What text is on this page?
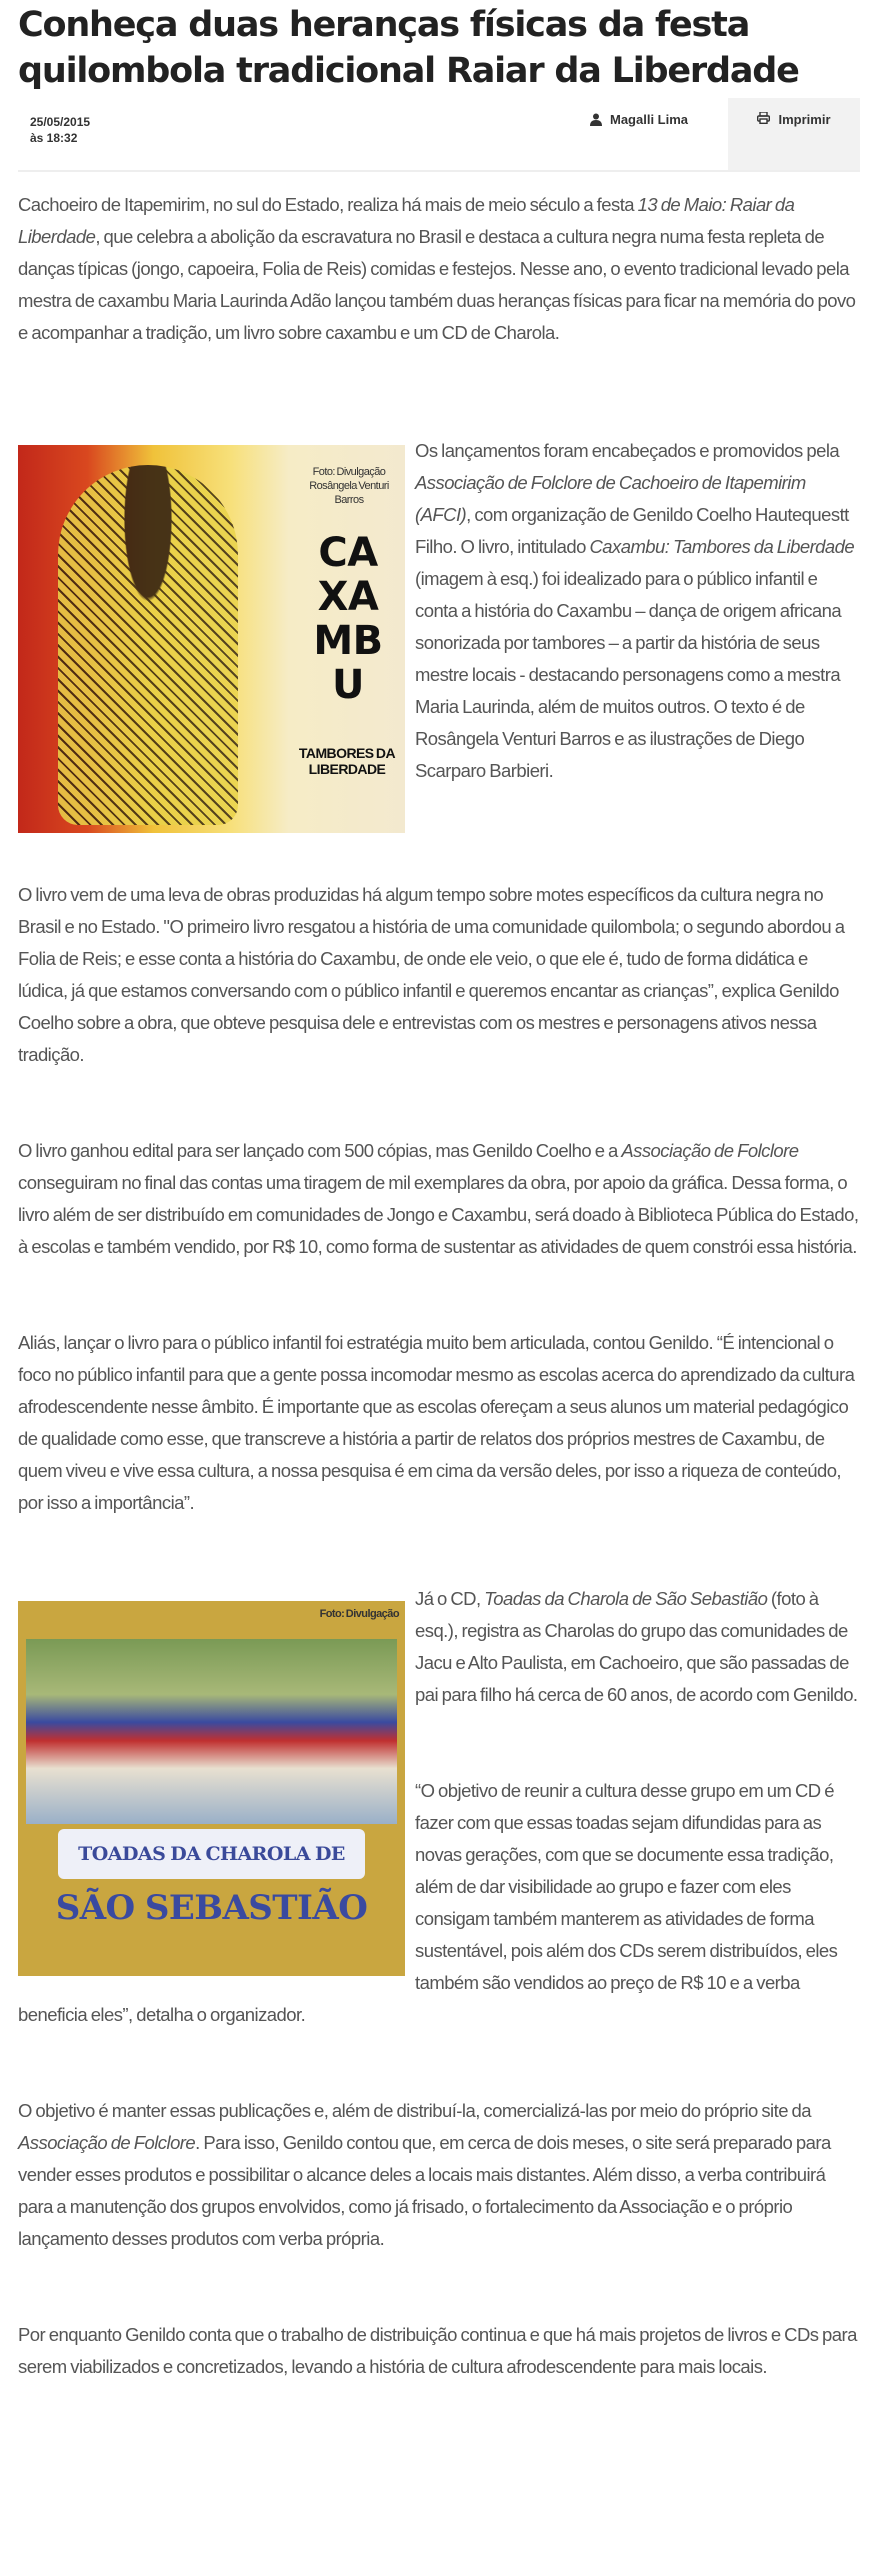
Conheça duas heranças físicas da festa quilombola tradicional Raiar da Liberdade
25/05/2015
às 18:32
Magalli Lima	Imprimir

Cachoeiro de Itapemirim, no sul do Estado, realiza há mais de meio século a festa 13 de Maio: Raiar da Liberdade, que celebra a abolição da escravatura no Brasil e destaca a cultura negra numa festa repleta de danças típicas (jongo, capoeira, Folia de Reis) comidas e festejos. Nesse ano, o evento tradicional levado pela mestra de caxambu Maria Laurinda Adão lançou também duas heranças físicas para ficar na memória do povo e acompanhar a tradição, um livro sobre caxambu e um CD de Charola.

Foto: Divulgação
Rosângela Venturi Barros
CAXAMBU
TAMBORES DA LIBERDADE

Os lançamentos foram encabeçados e promovidos pela Associação de Folclore de Cachoeiro de Itapemirim (AFCI), com organização de Genildo Coelho Hautequestt Filho. O livro, intitulado Caxambu: Tambores da Liberdade (imagem à esq.) foi idealizado para o público infantil e conta a história do Caxambu – dança de origem africana sonorizada por tambores – a partir da história de seus mestre locais - destacando personagens como a mestra Maria Laurinda, além de muitos outros. O texto é de Rosângela Venturi Barros e as ilustrações de Diego Scarparo Barbieri.

O livro vem de uma leva de obras produzidas há algum tempo sobre motes específicos da cultura negra no Brasil e no Estado. "O primeiro livro resgatou a história de uma comunidade quilombola; o segundo abordou a Folia de Reis; e esse conta a história do Caxambu, de onde ele veio, o que ele é, tudo de forma didática e lúdica, já que estamos conversando com o público infantil e queremos encantar as crianças”, explica Genildo Coelho sobre a obra, que obteve pesquisa dele e entrevistas com os mestres e personagens ativos nessa tradição.

O livro ganhou edital para ser lançado com 500 cópias, mas Genildo Coelho e a Associação de Folclore conseguiram no final das contas uma tiragem de mil exemplares da obra, por apoio da gráfica. Dessa forma, o livro além de ser distribuído em comunidades de Jongo e Caxambu, será doado à Biblioteca Pública do Estado, à escolas e também vendido, por R$ 10, como forma de sustentar as atividades de quem constrói essa história.

Aliás, lançar o livro para o público infantil foi estratégia muito bem articulada, contou Genildo. “É intencional o foco no público infantil para que a gente possa incomodar mesmo as escolas acerca do aprendizado da cultura afrodescendente nesse âmbito. É importante que as escolas ofereçam a seus alunos um material pedagógico de qualidade como esse, que transcreve a história a partir de relatos dos próprios mestres de Caxambu, de quem viveu e vive essa cultura, a nossa pesquisa é em cima da versão deles, por isso a riqueza de conteúdo, por isso a importância”.

Foto: Divulgação
TOADAS DA CHAROLA DE
SÃO SEBASTIÃO

Já o CD, Toadas da Charola de São Sebastião (foto à esq.), registra as Charolas do grupo das comunidades de Jacu e Alto Paulista, em Cachoeiro, que são passadas de pai para filho há cerca de 60 anos, de acordo com Genildo.

“O objetivo de reunir a cultura desse grupo em um CD é fazer com que essas toadas sejam difundidas para as novas gerações, com que se documente essa tradição, além de dar visibilidade ao grupo e fazer com eles consigam também manterem as atividades de forma sustentável, pois além dos CDs serem distribuídos, eles também são vendidos ao preço de R$ 10 e a verba beneficia eles”, detalha o organizador.

O objetivo é manter essas publicações e, além de distribuí-la, comercializá-las por meio do próprio site da Associação de Folclore. Para isso, Genildo contou que, em cerca de dois meses, o site será preparado para vender esses produtos e possibilitar o alcance deles a locais mais distantes. Além disso, a verba contribuirá para a manutenção dos grupos envolvidos, como já frisado, o fortalecimento da Associação e o próprio lançamento desses produtos com verba própria.

Por enquanto Genildo conta que o trabalho de distribuição continua e que há mais projetos de livros e CDs para serem viabilizados e concretizados, levando a história de cultura afrodescendente para mais locais.
